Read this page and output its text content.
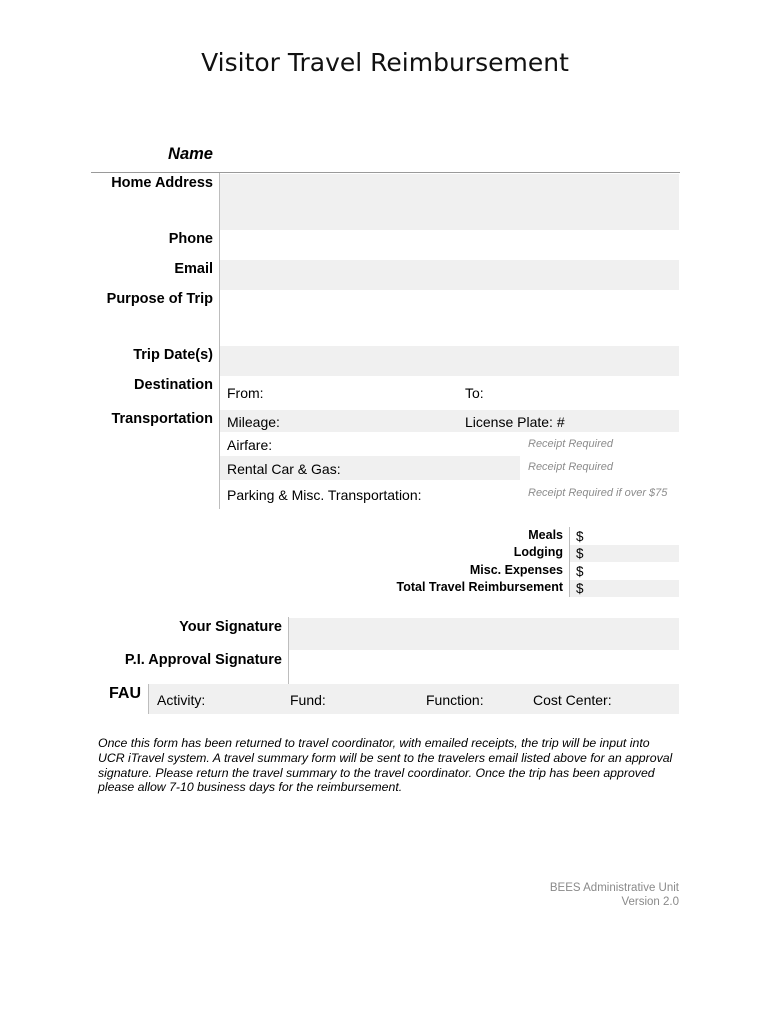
Visitor Travel Reimbursement
Name
Home Address
Phone
Email
Purpose of Trip
Trip Date(s)
Destination From:	To:
Transportation Mileage:	License Plate: #
Airfare:	Receipt Required
Rental Car & Gas:	Receipt Required
Parking & Misc. Transportation:	Receipt Required if over $75
Meals $
Lodging $
Misc. Expenses $
Total Travel Reimbursement $
Your Signature
P.I. Approval Signature
FAU Activity:	Fund:	Function:	Cost Center:
Once this form has been returned to travel coordinator, with emailed receipts, the trip will be input into UCR iTravel system. A travel summary form will be sent to the travelers email listed above for an approval signature. Please return the travel summary to the travel coordinator. Once the trip has been approved please allow 7-10 business days for the reimbursement.
BEES Administrative Unit
Version 2.0
